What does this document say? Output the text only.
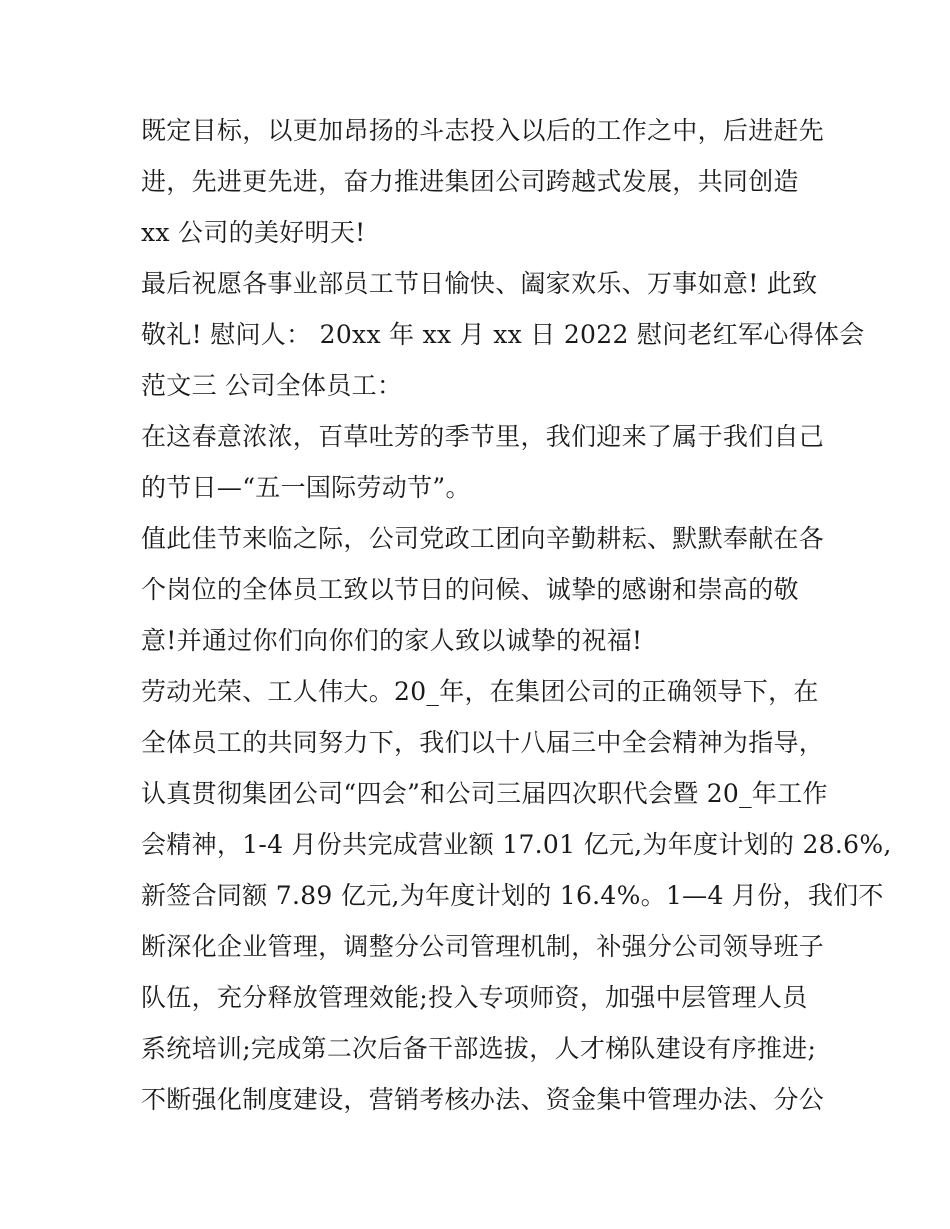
既定目标，以更加昂扬的斗志投入以后的工作之中，后进赶先
进，先进更先进，奋力推进集团公司跨越式发展，共同创造
xx 公司的美好明天!
最后祝愿各事业部员工节日愉快、阖家欢乐、万事如意! 此致
敬礼! 慰问人： 20xx 年 xx 月 xx 日 2022 慰问老红军心得体会
范文三 公司全体员工：
在这春意浓浓，百草吐芳的季节里，我们迎来了属于我们自己
的节日—“五一国际劳动节”。
值此佳节来临之际，公司党政工团向辛勤耕耘、默默奉献在各
个岗位的全体员工致以节日的问候、诚挚的感谢和崇高的敬
意!并通过你们向你们的家人致以诚挚的祝福!
劳动光荣、工人伟大。20_年，在集团公司的正确领导下，在
全体员工的共同努力下，我们以十八届三中全会精神为指导，
认真贯彻集团公司“四会”和公司三届四次职代会暨 20_年工作
会精神，1-4 月份共完成营业额 17.01 亿元,为年度计划的 28.6%,
新签合同额 7.89 亿元,为年度计划的 16.4%。1—4 月份，我们不
断深化企业管理，调整分公司管理机制，补强分公司领导班子
队伍，充分释放管理效能;投入专项师资，加强中层管理人员
系统培训;完成第二次后备干部选拔，人才梯队建设有序推进;
不断强化制度建设，营销考核办法、资金集中管理办法、分公
